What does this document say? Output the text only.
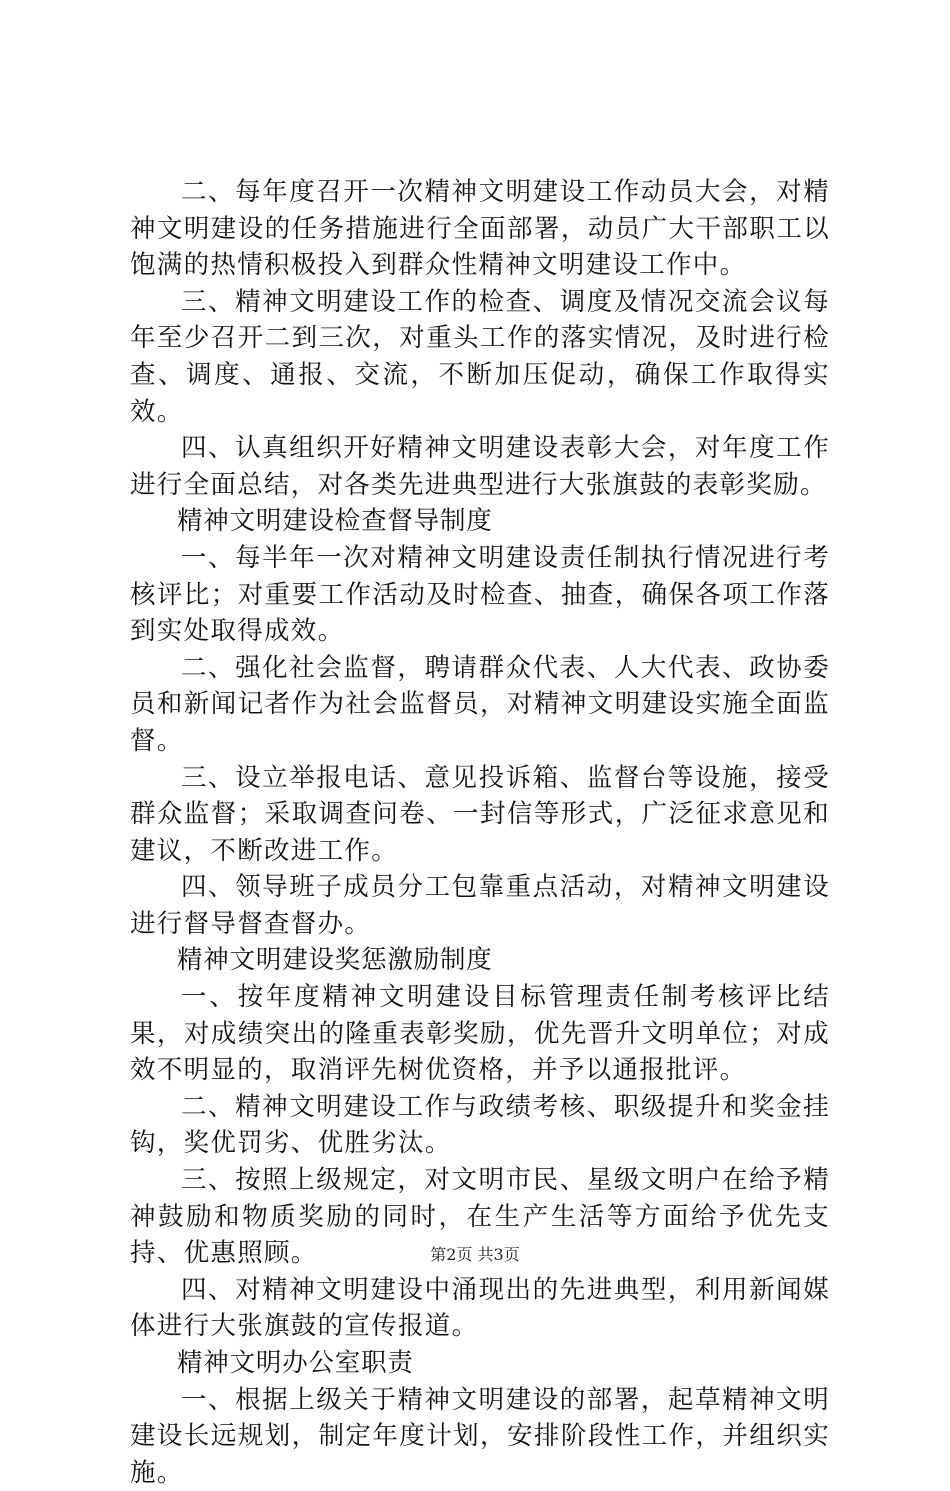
二、每年度召开一次精神文明建设工作动员大会，对精神文明建设的任务措施进行全面部署，动员广大干部职工以饱满的热情积极投入到群众性精神文明建设工作中。

三、精神文明建设工作的检查、调度及情况交流会议每年至少召开二到三次，对重头工作的落实情况，及时进行检查、调度、通报、交流，不断加压促动，确保工作取得实效。

四、认真组织开好精神文明建设表彰大会，对年度工作进行全面总结，对各类先进典型进行大张旗鼓的表彰奖励。

精神文明建设检查督导制度

一、每半年一次对精神文明建设责任制执行情况进行考核评比；对重要工作活动及时检查、抽查，确保各项工作落到实处取得成效。

二、强化社会监督，聘请群众代表、人大代表、政协委员和新闻记者作为社会监督员，对精神文明建设实施全面监督。

三、设立举报电话、意见投诉箱、监督台等设施，接受群众监督；采取调查问卷、一封信等形式，广泛征求意见和建议，不断改进工作。

四、领导班子成员分工包靠重点活动，对精神文明建设进行督导督查督办。

精神文明建设奖惩激励制度

一、按年度精神文明建设目标管理责任制考核评比结果，对成绩突出的隆重表彰奖励，优先晋升文明单位；对成效不明显的，取消评先树优资格，并予以通报批评。

二、精神文明建设工作与政绩考核、职级提升和奖金挂钩，奖优罚劣、优胜劣汰。

三、按照上级规定，对文明市民、星级文明户在给予精神鼓励和物质奖励的同时，在生产生活等方面给予优先支持、优惠照顾。

四、对精神文明建设中涌现出的先进典型，利用新闻媒体进行大张旗鼓的宣传报道。

精神文明办公室职责

一、根据上级关于精神文明建设的部署，起草精神文明建设长远规划，制定年度计划，安排阶段性工作，并组织实施。

第2页 共3页
